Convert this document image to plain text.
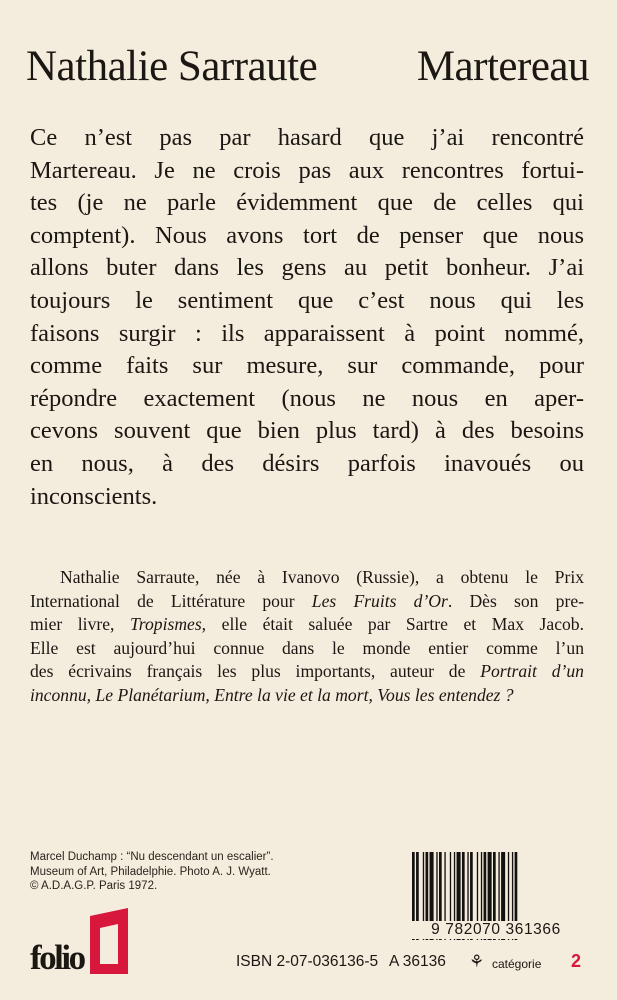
Nathalie Sarraute Martereau
Ce n’est pas par hasard que j’ai rencontré
Martereau. Je ne crois pas aux rencontres fortui-
tes (je ne parle évidemment que de celles qui
comptent). Nous avons tort de penser que nous
allons buter dans les gens au petit bonheur. J’ai
toujours le sentiment que c’est nous qui les
faisons surgir : ils apparaissent à point nommé,
comme faits sur mesure, sur commande, pour
répondre exactement (nous ne nous en aper-
cevons souvent que bien plus tard) à des besoins
en nous, à des désirs parfois inavoués ou
inconscients.
Nathalie Sarraute, née à Ivanovo (Russie), a obtenu le Prix
International de Littérature pour Les Fruits d’Or. Dès son pre-
mier livre, Tropismes, elle était saluée par Sartre et Max Jacob.
Elle est aujourd’hui connue dans le monde entier comme l’un
des écrivains français les plus importants, auteur de Portrait d’un
inconnu, Le Planétarium, Entre la vie et la mort, Vous les entendez ?
Marcel Duchamp : “Nu descendant un escalier”.
Museum of Art, Philadelphie. Photo A. J. Wyatt.
© A.D.A.G.P. Paris 1972.
folio
9 782070 361366
ISBN 2-07-036136-5 A 36136 ⚘ catégorie 2
